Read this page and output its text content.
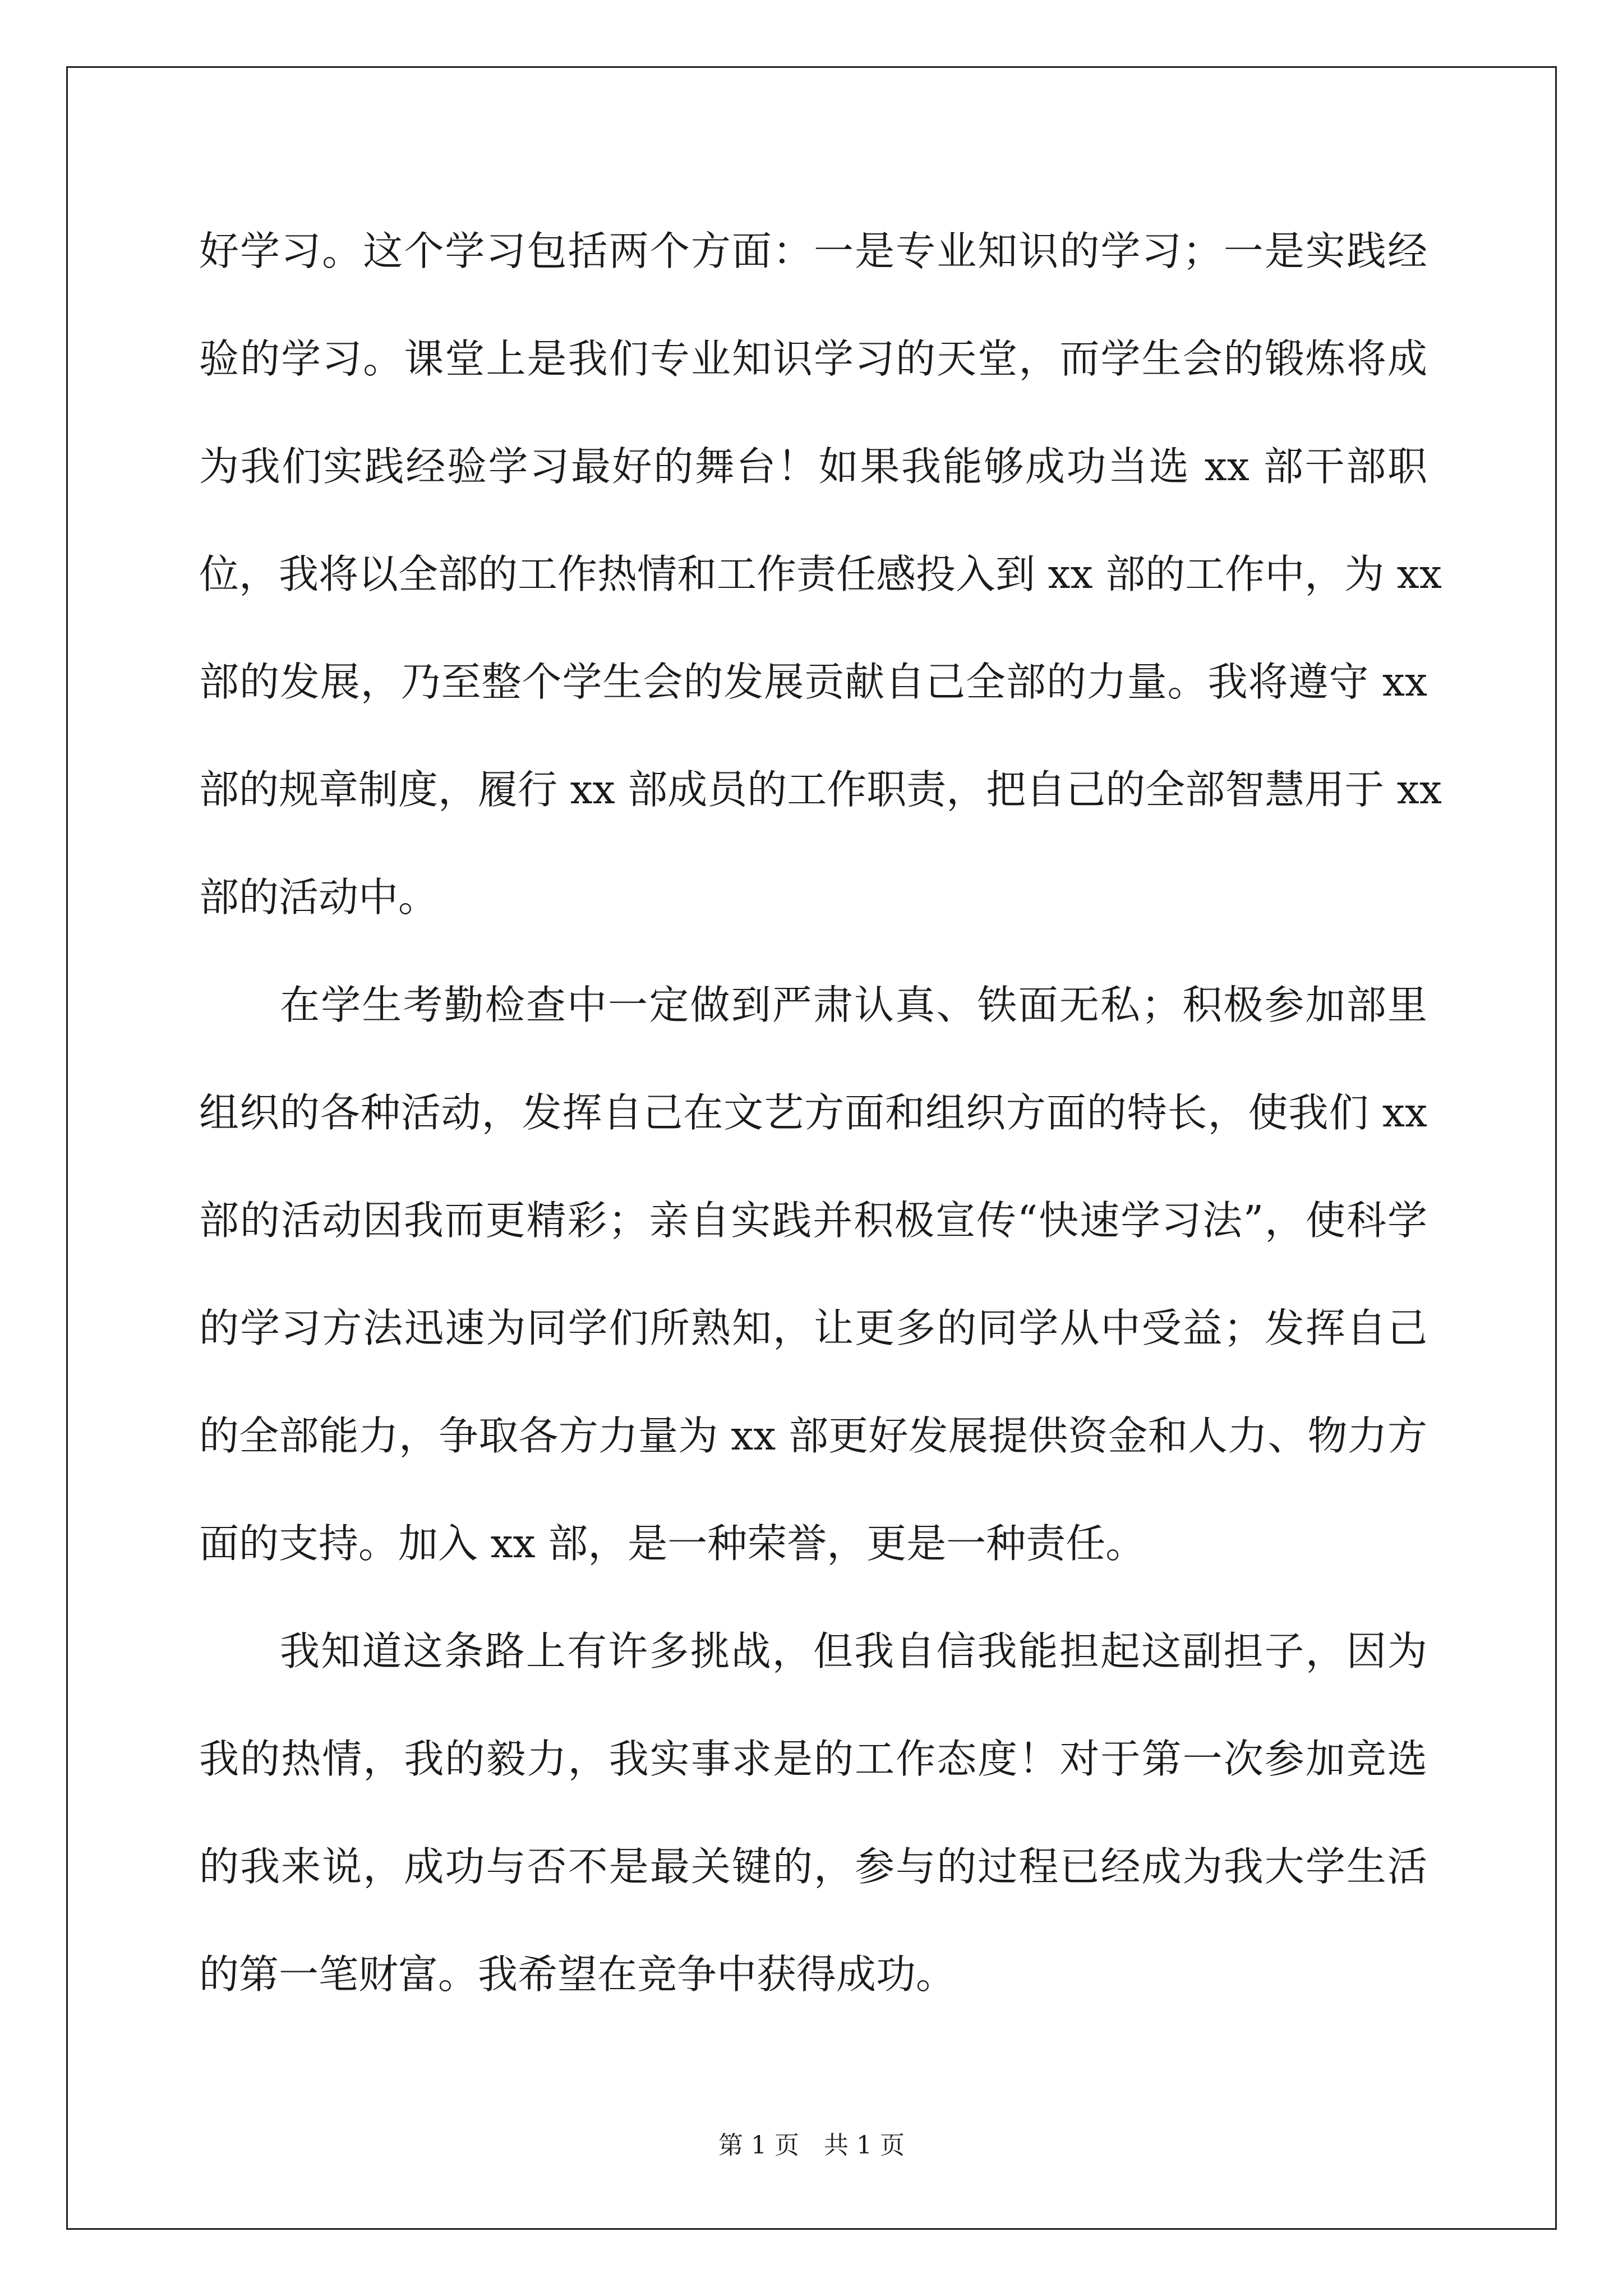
好学习。这个学习包括两个方面：一是专业知识的学习；一是实践经
验的学习。课堂上是我们专业知识学习的天堂，而学生会的锻炼将成
为我们实践经验学习最好的舞台！如果我能够成功当选 xx 部干部职
位，我将以全部的工作热情和工作责任感投入到 xx 部的工作中，为 xx
部的发展，乃至整个学生会的发展贡献自己全部的力量。我将遵守 xx
部的规章制度，履行 xx 部成员的工作职责，把自己的全部智慧用于 xx
部的活动中。
在学生考勤检查中一定做到严肃认真、铁面无私；积极参加部里
组织的各种活动，发挥自己在文艺方面和组织方面的特长，使我们 xx
部的活动因我而更精彩；亲自实践并积极宣传“快速学习法”，使科学
的学习方法迅速为同学们所熟知，让更多的同学从中受益；发挥自己
的全部能力，争取各方力量为 xx 部更好发展提供资金和人力、物力方
面的支持。加入 xx 部，是一种荣誉，更是一种责任。
我知道这条路上有许多挑战，但我自信我能担起这副担子，因为
我的热情，我的毅力，我实事求是的工作态度！对于第一次参加竞选
的我来说，成功与否不是最关键的，参与的过程已经成为我大学生活
的第一笔财富。我希望在竞争中获得成功。
第 1 页　共 1 页
